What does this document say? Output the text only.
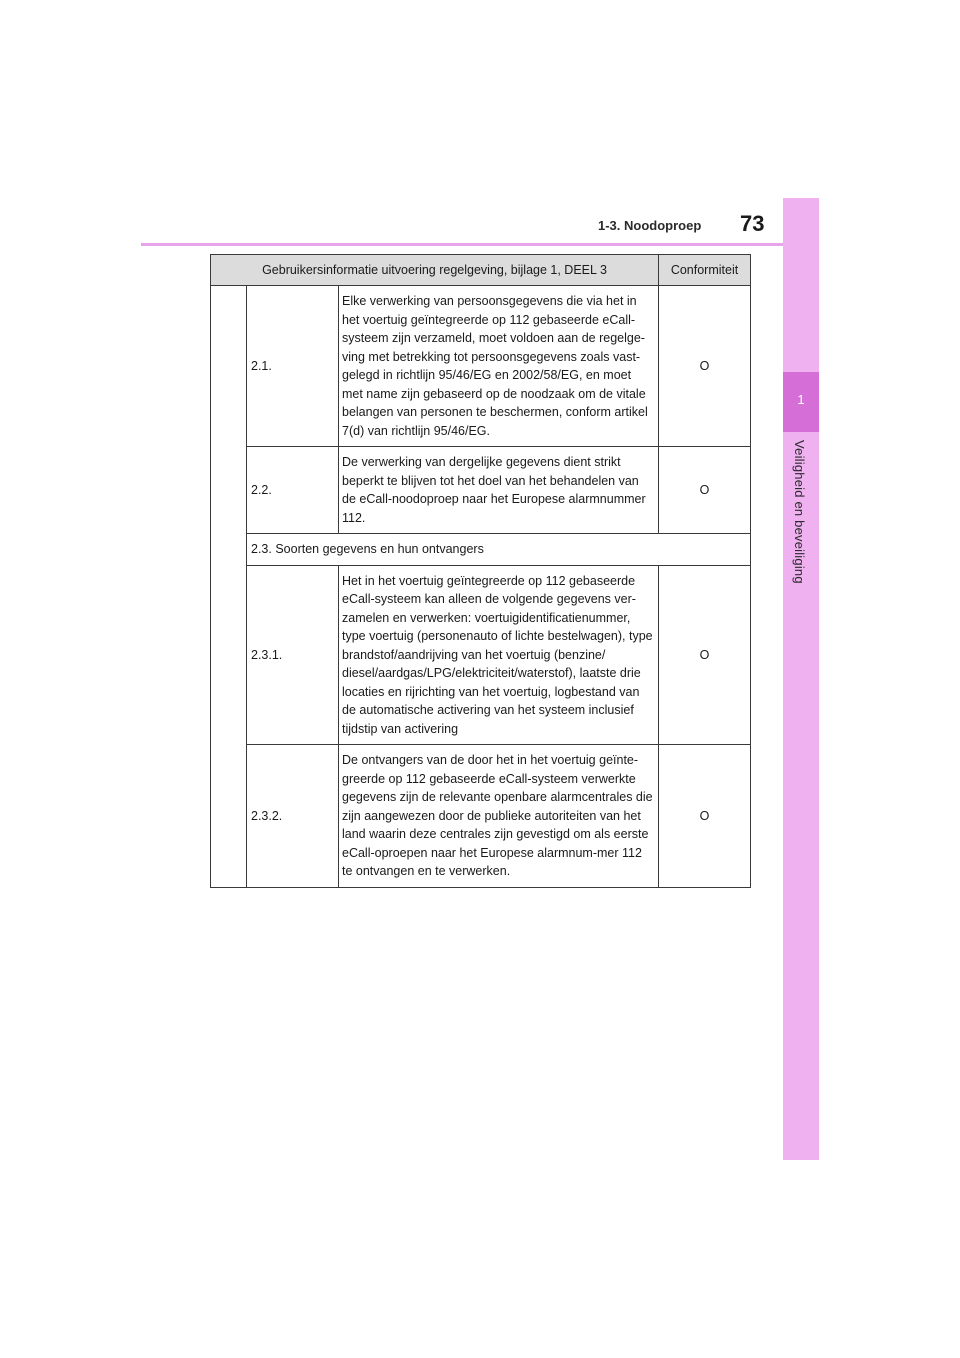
1
Veiligheid en beveiliging
1-3. Noodoproep 73
Gebruikersinformatie uitvoering regelgeving, bijlage 1, DEEL 3			Conformiteit
	2.1.	Elke verwerking van persoonsgegevens die via het in het voertuig geïntegreerde op 112 gebaseerde eCall-systeem zijn verzameld, moet voldoen aan de regelge-ving met betrekking tot persoonsgegevens zoals vast-gelegd in richtlijn 95/46/EG en 2002/58/EG, en moet met name zijn gebaseerd op de noodzaak om de vitale belangen van personen te beschermen, conform artikel 7(d) van richtlijn 95/46/EG.	O
	2.2.	De verwerking van dergelijke gegevens dient strikt beperkt te blijven tot het doel van het behandelen van de eCall-noodoproep naar het Europese alarmnummer 112.	O
	2.3. Soorten gegevens en hun ontvangers		
	2.3.1.	Het in het voertuig geïntegreerde op 112 gebaseerde eCall-systeem kan alleen de volgende gegevens ver-zamelen en verwerken: voertuigidentificatienummer, type voertuig (personenauto of lichte bestelwagen), type brandstof/aandrijving van het voertuig (benzine/ diesel/aardgas/LPG/elektriciteit/waterstof), laatste drie locaties en rijrichting van het voertuig, logbestand van de automatische activering van het systeem inclusief tijdstip van activering	O
	2.3.2.	De ontvangers van de door het in het voertuig geïnte-greerde op 112 gebaseerde eCall-systeem verwerkte gegevens zijn de relevante openbare alarmcentrales die zijn aangewezen door de publieke autoriteiten van het land waarin deze centrales zijn gevestigd om als eerste eCall-oproepen naar het Europese alarmnum-mer 112 te ontvangen en te verwerken.	O
